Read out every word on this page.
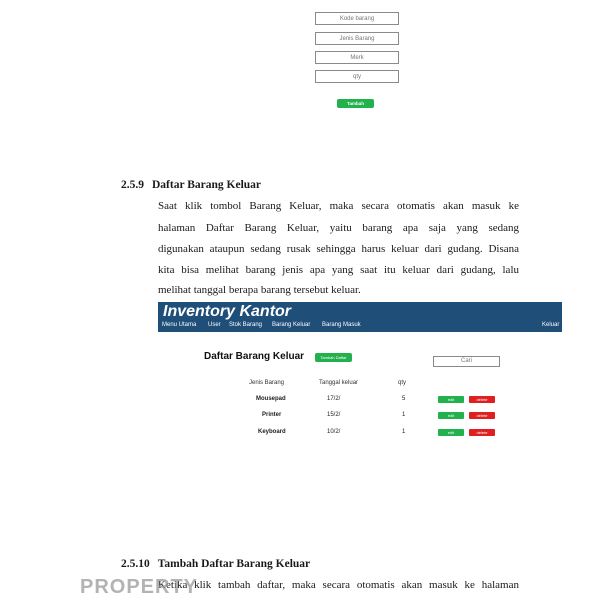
Kode barang
Jenis Barang
Merk
qty
Tambah
2.5.9 Daftar Barang Keluar
Saat klik tombol Barang Keluar, maka secara otomatis akan masuk ke
halaman Daftar Barang Keluar, yaitu barang apa saja yang sedang
digunakan ataupun sedang rusak sehingga harus keluar dari gudang. Disana
kita bisa melihat barang jenis apa yang saat itu keluar dari gudang, lalu
melihat tanggal berapa barang tersebut keluar.
Inventory Kantor
Menu Utama User Stok Barang Barang Keluar Barang Masuk	Keluar
Daftar Barang Keluar	Tambah Daftar
Cari
Jenis Barang	Tanggal keluar	qty
Mousepad	17/2/	5	edit	delete
Printer	15/2/	1	edit	delete
Keyboard	10/2/	1	edit	delete
2.5.10 Tambah Daftar Barang Keluar
Ketika klik tambah daftar, maka secara otomatis akan masuk ke halaman
PROPERTY
